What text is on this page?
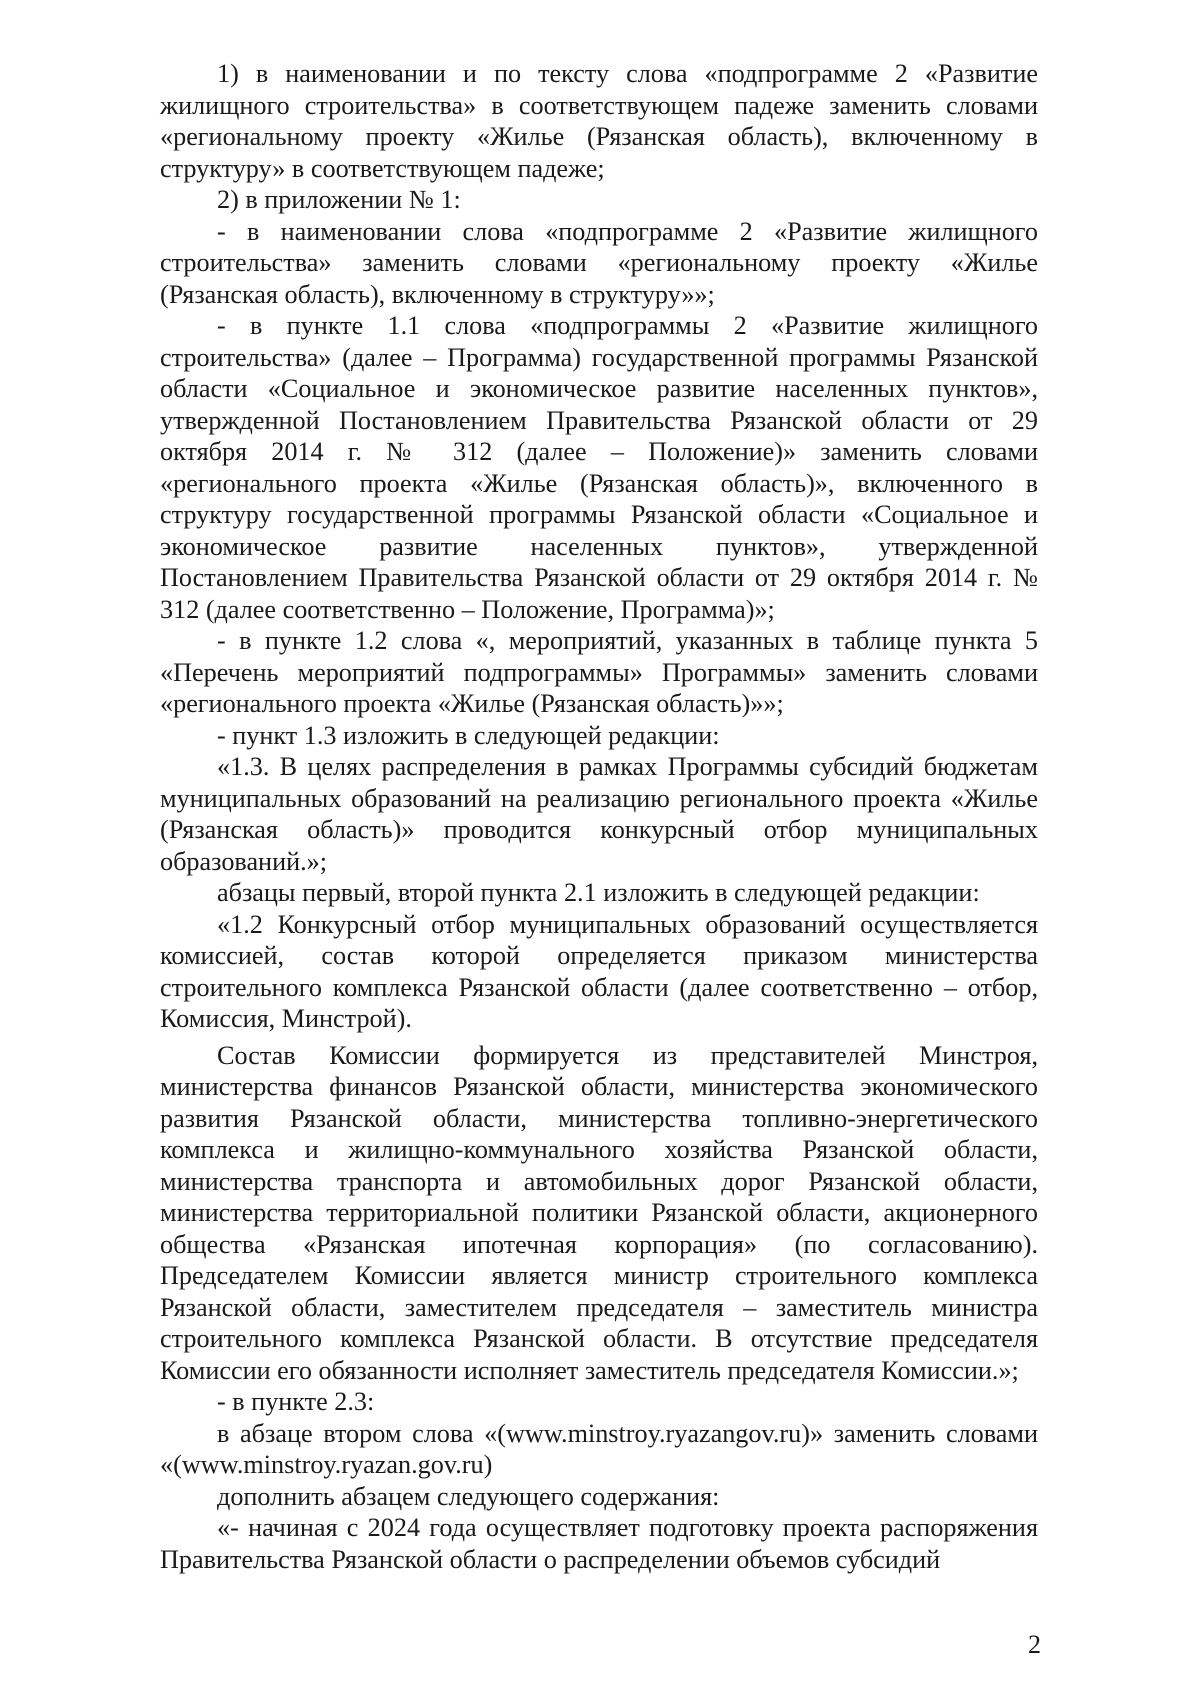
1) в наименовании и по тексту слова «подпрограмме 2 «Развитие жилищного строительства» в соответствующем падеже заменить словами «региональному проекту «Жилье (Рязанская область), включенному в структуру» в соответствующем падеже;

2) в приложении № 1:

- в наименовании слова «подпрограмме 2 «Развитие жилищного строительства» заменить словами «региональному проекту «Жилье (Рязанская область), включенному в структуру»»;

- в пункте 1.1 слова «подпрограммы 2 «Развитие жилищного строительства» (далее – Программа) государственной программы Рязанской области «Социальное и экономическое развитие населенных пунктов», утвержденной Постановлением Правительства Рязанской области от 29 октября 2014 г. № 312 (далее – Положение)» заменить словами «регионального проекта «Жилье (Рязанская область)», включенного в структуру государственной программы Рязанской области «Социальное и экономическое развитие населенных пунктов», утвержденной Постановлением Правительства Рязанской области от 29 октября 2014 г. № 312 (далее соответственно – Положение, Программа)»;

- в пункте 1.2 слова «, мероприятий, указанных в таблице пункта 5 «Перечень мероприятий подпрограммы» Программы» заменить словами «регионального проекта «Жилье (Рязанская область)»»;

- пункт 1.3 изложить в следующей редакции:

«1.3. В целях распределения в рамках Программы субсидий бюджетам муниципальных образований на реализацию регионального проекта «Жилье (Рязанская область)» проводится конкурсный отбор муниципальных образований.»;

абзацы первый, второй пункта 2.1 изложить в следующей редакции:

«1.2 Конкурсный отбор муниципальных образований осуществляется комиссией, состав которой определяется приказом министерства строительного комплекса Рязанской области (далее соответственно – отбор, Комиссия, Минстрой).

Состав Комиссии формируется из представителей Минстроя, министерства финансов Рязанской области, министерства экономического развития Рязанской области, министерства топливно-энергетического комплекса и жилищно-коммунального хозяйства Рязанской области, министерства транспорта и автомобильных дорог Рязанской области, министерства территориальной политики Рязанской области, акционерного общества «Рязанская ипотечная корпорация» (по согласованию). Председателем Комиссии является министр строительного комплекса Рязанской области, заместителем председателя – заместитель министра строительного комплекса Рязанской области. В отсутствие председателя Комиссии его обязанности исполняет заместитель председателя Комиссии.»;

- в пункте 2.3:

в абзаце втором слова «(www.minstroy.ryazangov.ru)» заменить словами «(www.minstroy.ryazan.gov.ru)

дополнить абзацем следующего содержания:

«- начиная с 2024 года осуществляет подготовку проекта распоряжения Правительства Рязанской области о распределении объемов субсидий

2
